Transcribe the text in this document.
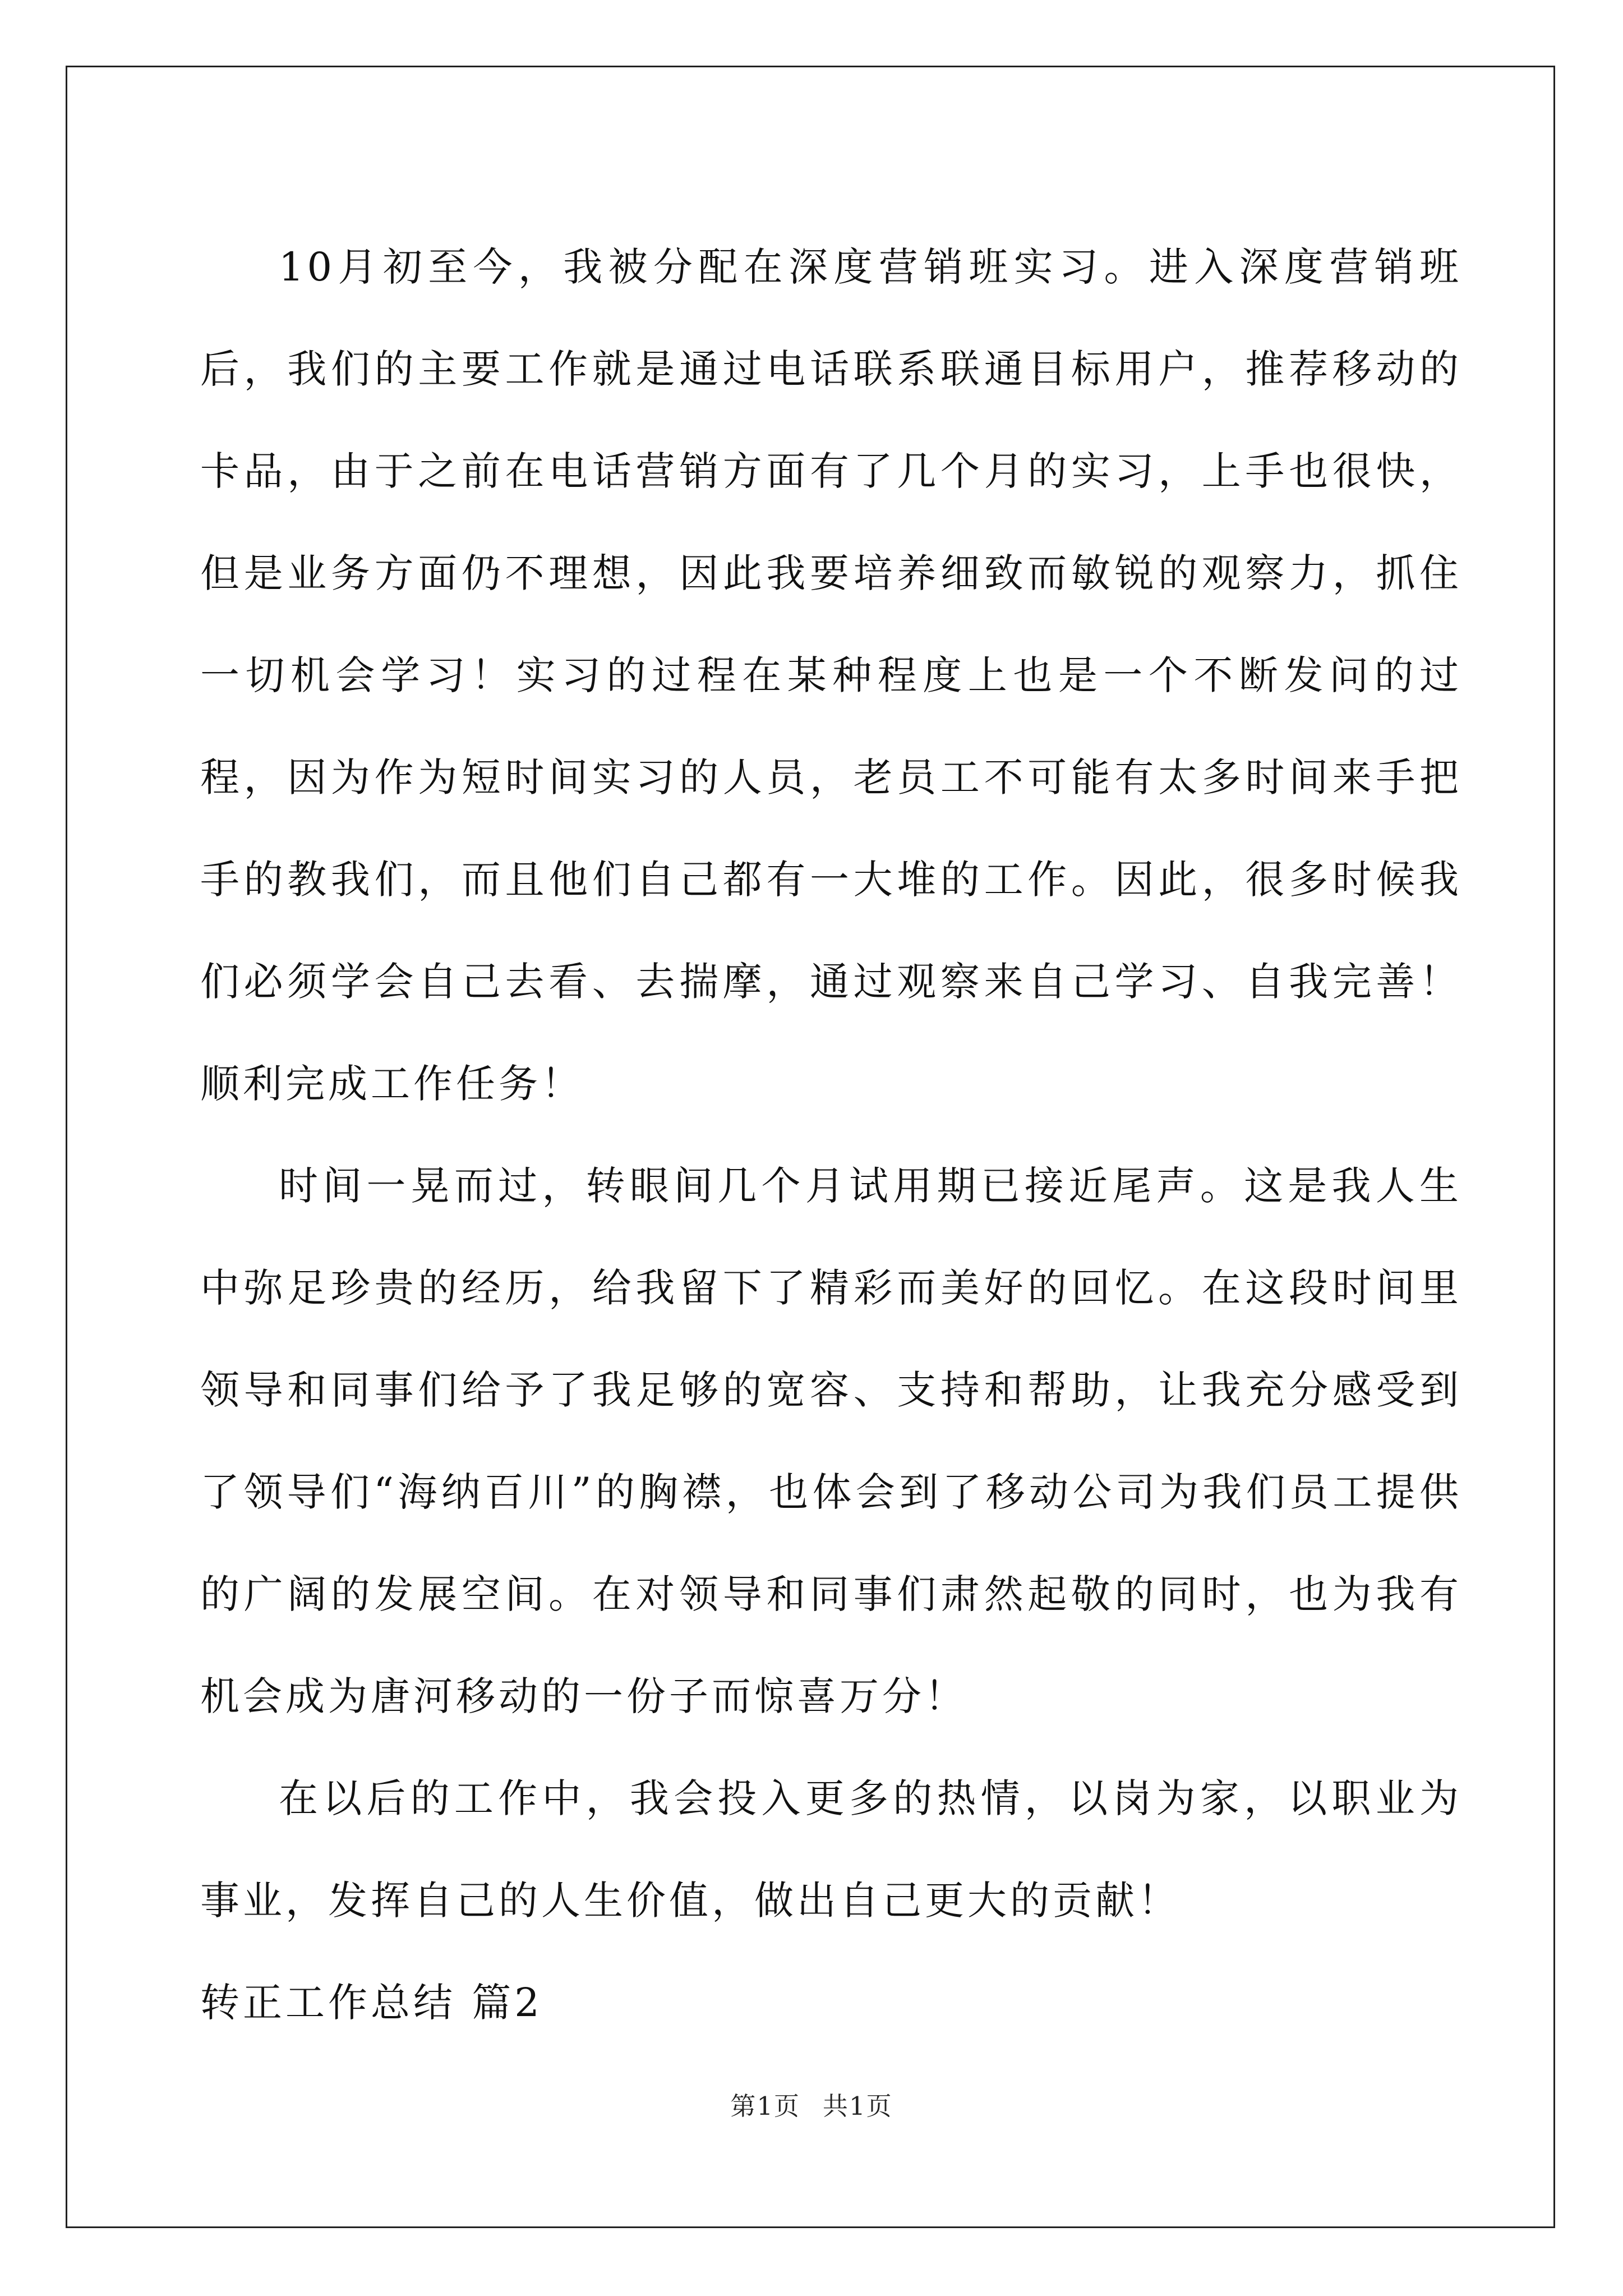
10月初至今，我被分配在深度营销班实习。进入深度营销班后，我们的主要工作就是通过电话联系联通目标用户，推荐移动的卡品，由于之前在电话营销方面有了几个月的实习，上手也很快，但是业务方面仍不理想，因此我要培养细致而敏锐的观察力，抓住一切机会学习！实习的过程在某种程度上也是一个不断发问的过程，因为作为短时间实习的人员，老员工不可能有太多时间来手把手的教我们，而且他们自己都有一大堆的工作。因此，很多时候我们必须学会自己去看、去揣摩，通过观察来自己学习、自我完善！顺利完成工作任务！

时间一晃而过，转眼间几个月试用期已接近尾声。这是我人生中弥足珍贵的经历，给我留下了精彩而美好的回忆。在这段时间里领导和同事们给予了我足够的宽容、支持和帮助，让我充分感受到了领导们“海纳百川”的胸襟，也体会到了移动公司为我们员工提供的广阔的发展空间。在对领导和同事们肃然起敬的同时，也为我有机会成为唐河移动的一份子而惊喜万分！

在以后的工作中，我会投入更多的热情，以岗为家，以职业为事业，发挥自己的人生价值，做出自己更大的贡献！

转正工作总结 篇2

第1页 共1页
